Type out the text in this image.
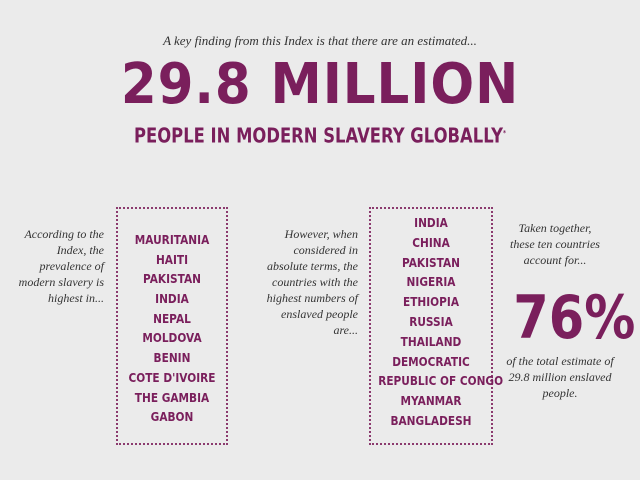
A key finding from this Index is that there are an estimated...
29.8 MILLION
PEOPLE IN MODERN SLAVERY GLOBALLY*
According to the Index, the prevalence of modern slavery is highest in...
MAURITANIA
HAITI
PAKISTAN
INDIA
NEPAL
MOLDOVA
BENIN
COTE D'IVOIRE
THE GAMBIA
GABON
However, when considered in absolute terms, the countries with the highest numbers of enslaved people are...
INDIA
CHINA
PAKISTAN
NIGERIA
ETHIOPIA
RUSSIA
THAILAND
DEMOCRATIC
REPUBLIC OF CONGO
MYANMAR
BANGLADESH
Taken together, these ten countries account for...
76%
of the total estimate of 29.8 million enslaved people.
